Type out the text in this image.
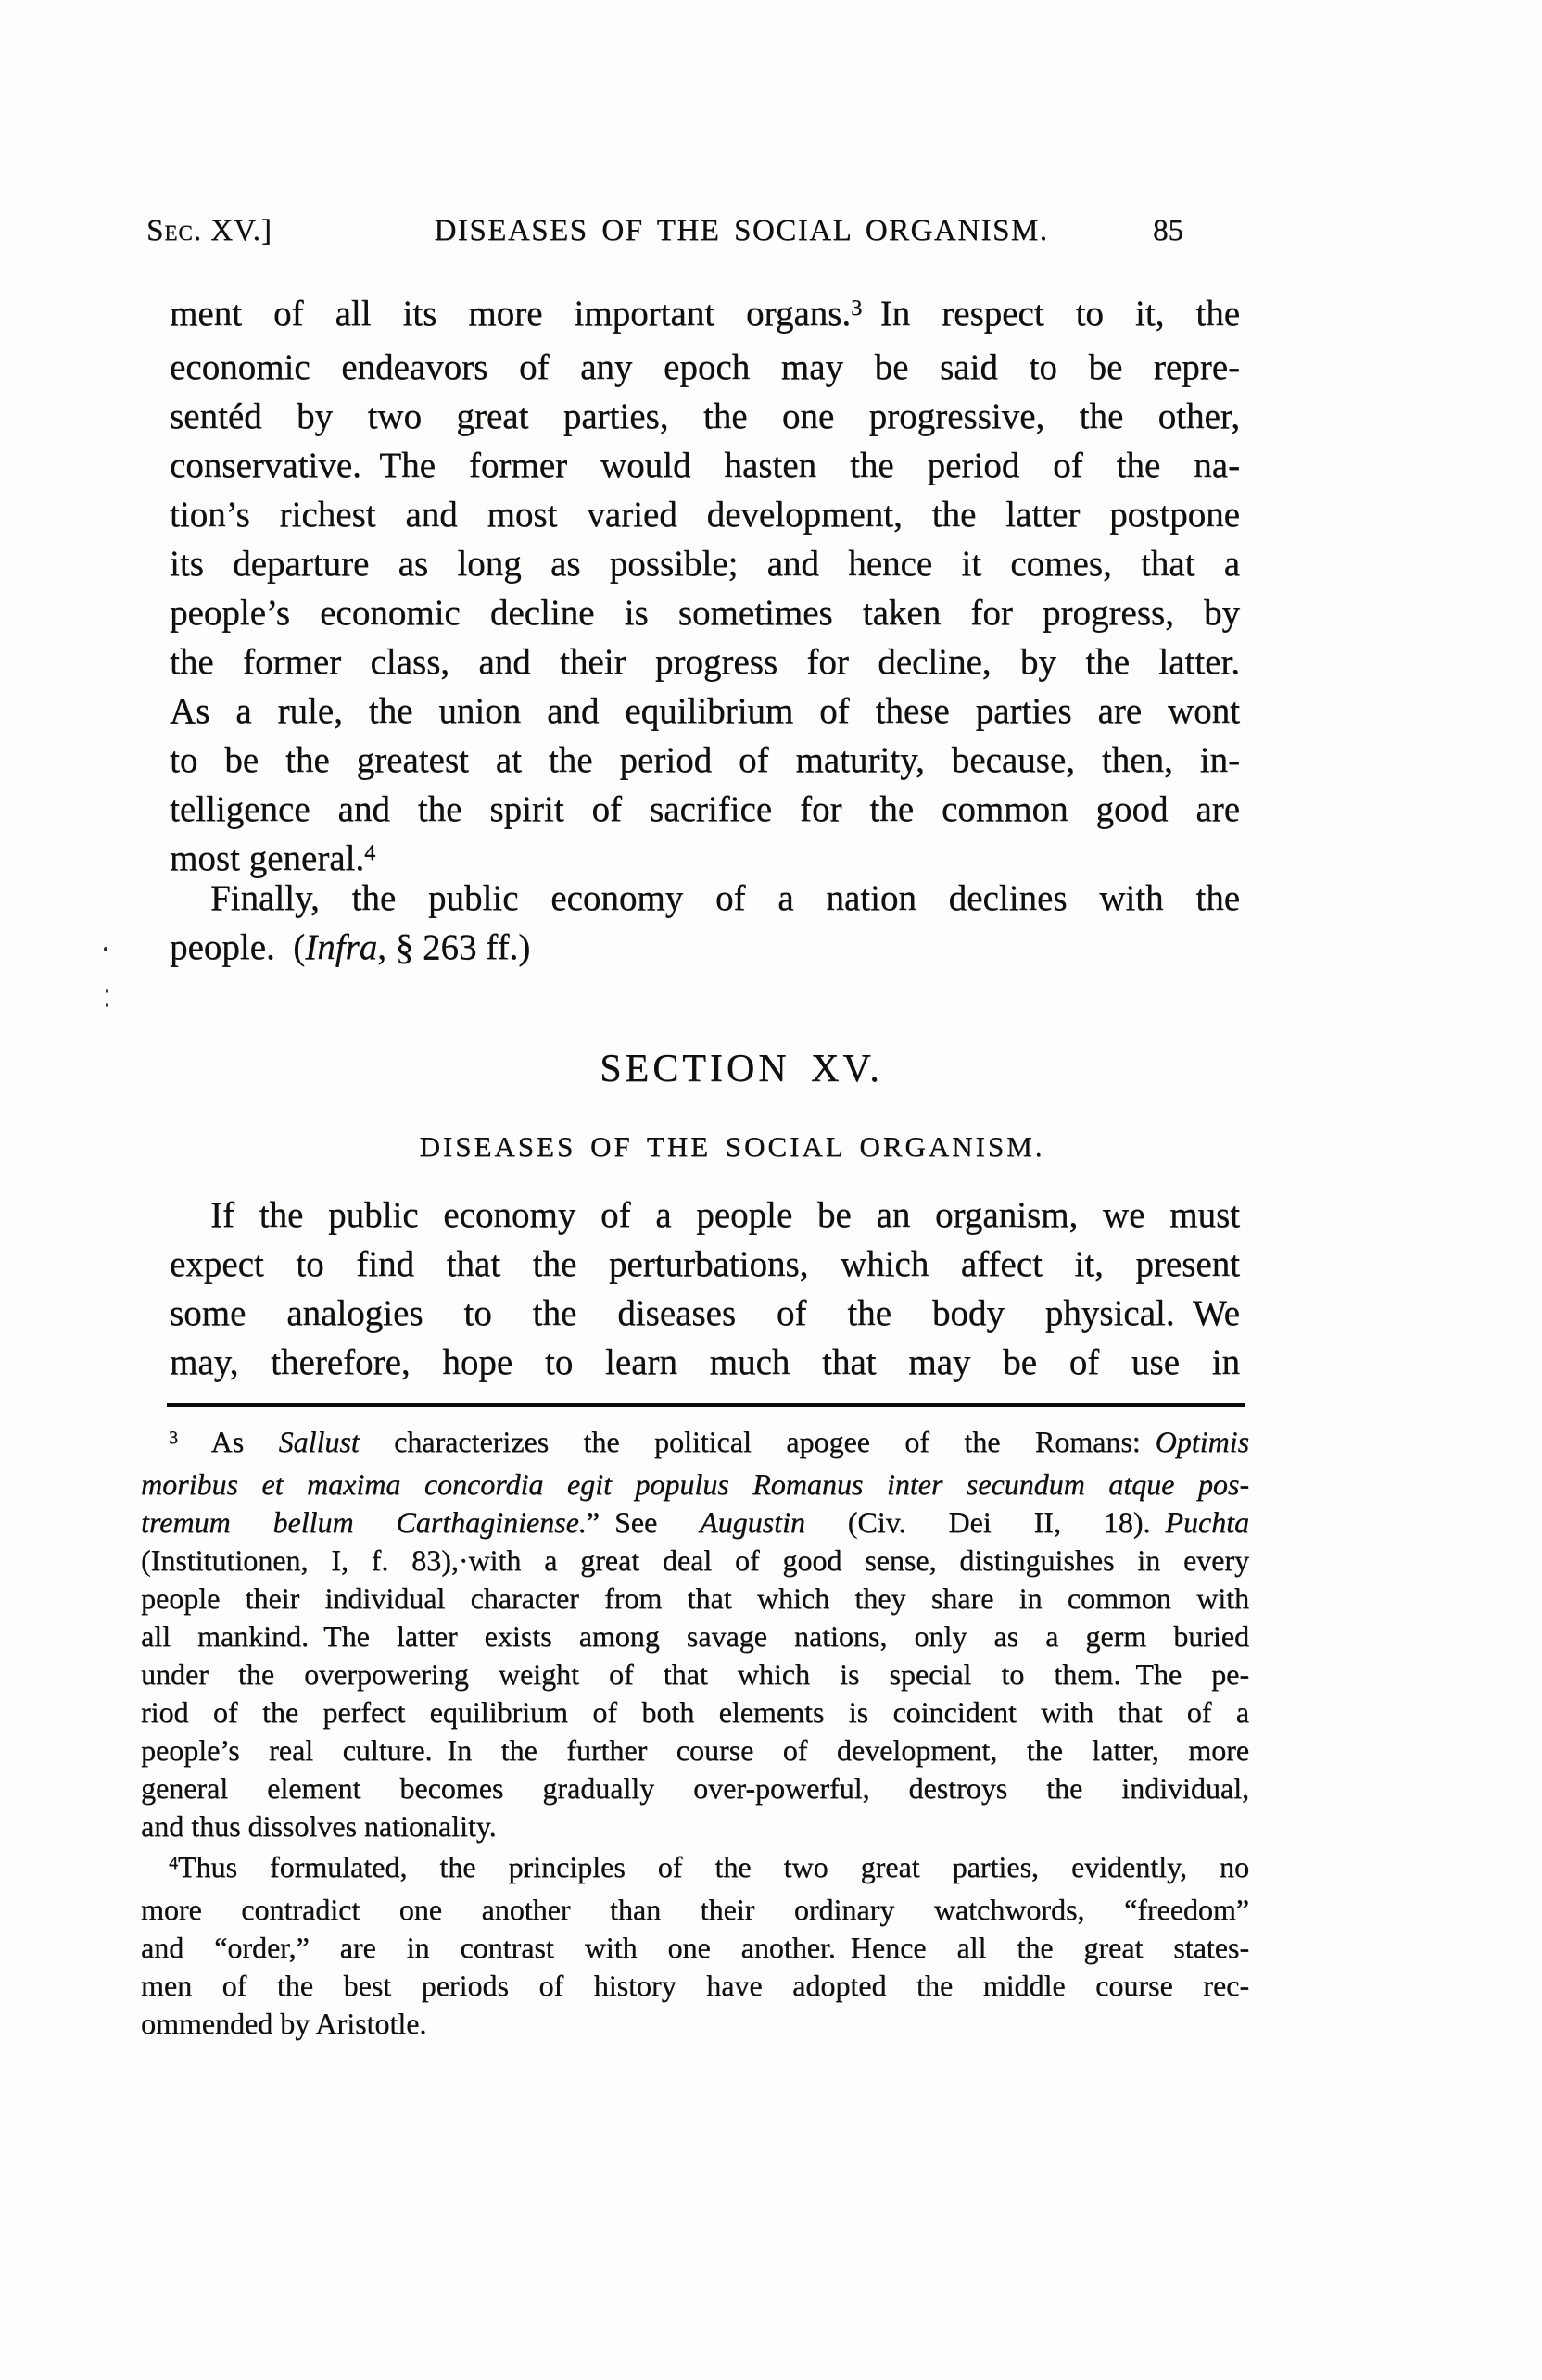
Sec. XV.]	DISEASES OF THE SOCIAL ORGANISM.	85
ment of all its more important organs.$^3$ In respect to it, the
economic endeavors of any epoch may be said to be repre-
sentéd by two great parties, the one progressive, the other,
conservative. The former would hasten the period of the na-
tion’s richest and most varied development, the latter postpone
its departure as long as possible; and hence it comes, that a
people’s economic decline is sometimes taken for progress, by
the former class, and their progress for decline, by the latter.
As a rule, the union and equilibrium of these parties are wont
to be the greatest at the period of maturity, because, then, in-
telligence and the spirit of sacrifice for the common good are
most general.$^4$
Finally, the public economy of a nation declines with the
people. (Infra, § 263 ff.)
SECTION XV.
DISEASES OF THE SOCIAL ORGANISM.
If the public economy of a people be an organism, we must
expect to find that the perturbations, which affect it, present
some analogies to the diseases of the body physical. We
may, therefore, hope to learn much that may be of use in
$^3$ As Sallust characterizes the political apogee of the Romans: Optimis
moribus et maxima concordia egit populus Romanus inter secundum atque pos-
tremum bellum Carthaginiense.” See Augustin (Civ. Dei II, 18). Puchta
(Institutionen, I, f. 83),·with a great deal of good sense, distinguishes in every
people their individual character from that which they share in common with
all mankind. The latter exists among savage nations, only as a germ buried
under the overpowering weight of that which is special to them. The pe-
riod of the perfect equilibrium of both elements is coincident with that of a
people’s real culture. In the further course of development, the latter, more
general element becomes gradually over-powerful, destroys the individual,
and thus dissolves nationality.
$^4$Thus formulated, the principles of the two great parties, evidently, no
more contradict one another than their ordinary watchwords, “freedom”
and “order,” are in contrast with one another. Hence all the great states-
men of the best periods of history have adopted the middle course rec-
ommended by Aristotle.
